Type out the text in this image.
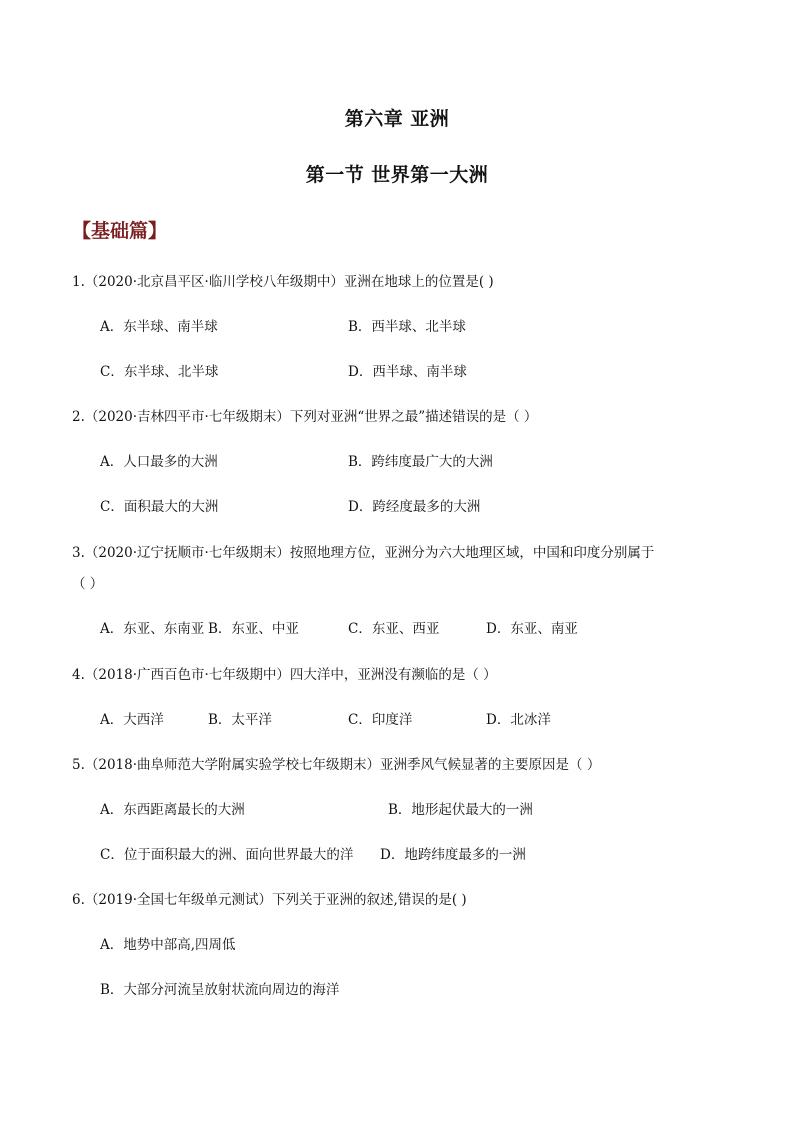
第六章 亚洲
第一节 世界第一大洲
【基础篇】
1.（2020·北京昌平区·临川学校八年级期中）亚洲在地球上的位置是( )
A．东半球、南半球	B．西半球、北半球
C．东半球、北半球	D．西半球、南半球
2.（2020·吉林四平市·七年级期末）下列对亚洲“世界之最”描述错误的是（ ）
A．人口最多的大洲	B．跨纬度最广大的大洲
C．面积最大的大洲	D．跨经度最多的大洲
3.（2020·辽宁抚顺市·七年级期末）按照地理方位，亚洲分为六大地理区域，中国和印度分别属于
（ ）
A．东亚、东南亚 B．东亚、中亚	C．东亚、西亚	D．东亚、南亚
4.（2018·广西百色市·七年级期中）四大洋中，亚洲没有濒临的是（ ）
A．大西洋	B．太平洋	C．印度洋	D．北冰洋
5.（2018·曲阜师范大学附属实验学校七年级期末）亚洲季风气候显著的主要原因是（ ）
A．东西距离最长的大洲	B．地形起伏最大的一洲
C．位于面积最大的洲、面向世界最大的洋 D．地跨纬度最多的一洲
6.（2019·全国七年级单元测试）下列关于亚洲的叙述,错误的是( )
A．地势中部高,四周低
B．大部分河流呈放射状流向周边的海洋
